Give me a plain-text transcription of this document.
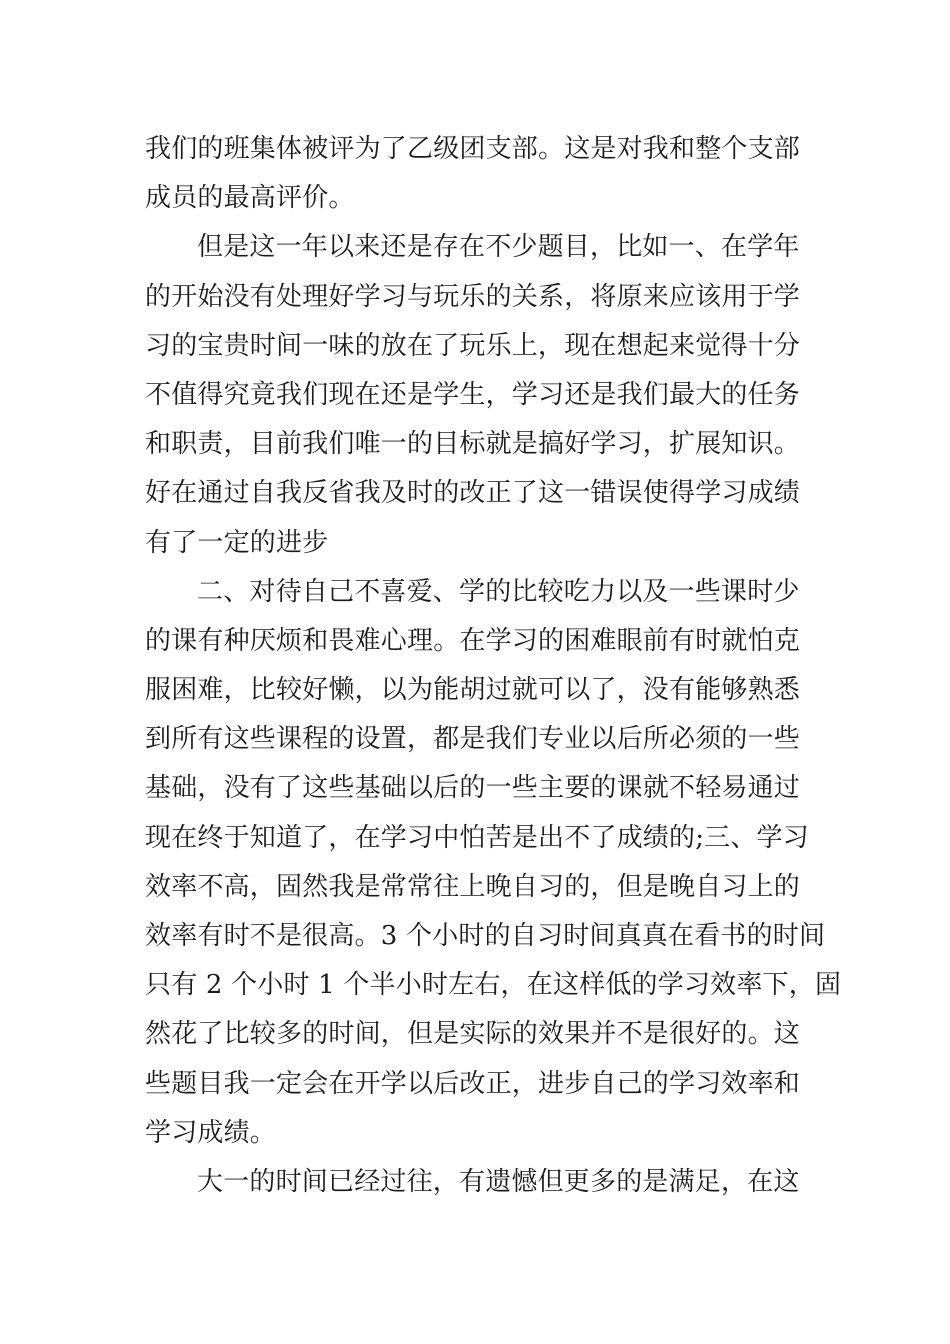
我们的班集体被评为了乙级团支部。这是对我和整个支部
成员的最高评价。
但是这一年以来还是存在不少题目，比如一、在学年
的开始没有处理好学习与玩乐的关系，将原来应该用于学
习的宝贵时间一味的放在了玩乐上，现在想起来觉得十分
不值得究竟我们现在还是学生，学习还是我们最大的任务
和职责，目前我们唯一的目标就是搞好学习，扩展知识。
好在通过自我反省我及时的改正了这一错误使得学习成绩
有了一定的进步
二、对待自己不喜爱、学的比较吃力以及一些课时少
的课有种厌烦和畏难心理。在学习的困难眼前有时就怕克
服困难，比较好懒，以为能胡过就可以了，没有能够熟悉
到所有这些课程的设置，都是我们专业以后所必须的一些
基础，没有了这些基础以后的一些主要的课就不轻易通过
现在终于知道了，在学习中怕苦是出不了成绩的;三、学习
效率不高，固然我是常常往上晚自习的，但是晚自习上的
效率有时不是很高。3 个小时的自习时间真真在看书的时间
只有 2 个小时 1 个半小时左右，在这样低的学习效率下，固
然花了比较多的时间，但是实际的效果并不是很好的。这
些题目我一定会在开学以后改正，进步自己的学习效率和
学习成绩。
大一的时间已经过往，有遗憾但更多的是满足，在这
